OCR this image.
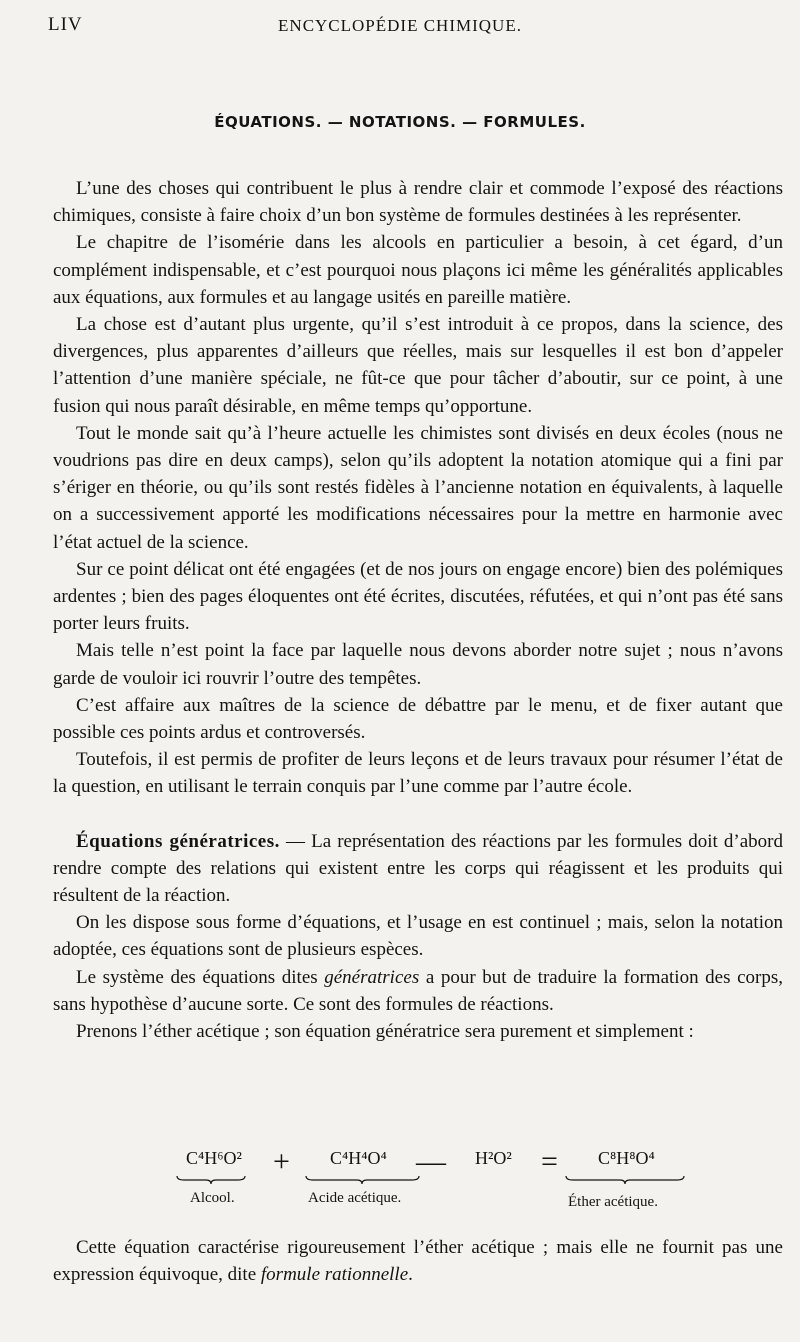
LIV	ENCYCLOPÉDIE CHIMIQUE.
ÉQUATIONS. — NOTATIONS. — FORMULES.

L’une des choses qui contribuent le plus à rendre clair et commode l’exposé des réactions chimiques, consiste à faire choix d’un bon système de formules destinées à les représenter.

Le chapitre de l’isomérie dans les alcools en particulier a besoin, à cet égard, d’un complément indispensable, et c’est pourquoi nous plaçons ici même les généralités applicables aux équations, aux formules et au langage usités en pareille matière.

La chose est d’autant plus urgente, qu’il s’est introduit à ce propos, dans la science, des divergences, plus apparentes d’ailleurs que réelles, mais sur lesquelles il est bon d’appeler l’attention d’une manière spéciale, ne fût-ce que pour tâcher d’aboutir, sur ce point, à une fusion qui nous paraît désirable, en même temps qu’opportune.

Tout le monde sait qu’à l’heure actuelle les chimistes sont divisés en deux écoles (nous ne voudrions pas dire en deux camps), selon qu’ils adoptent la notation atomique qui a fini par s’ériger en théorie, ou qu’ils sont restés fidèles à l’ancienne notation en équivalents, à laquelle on a successivement apporté les modifications nécessaires pour la mettre en harmonie avec l’état actuel de la science.

Sur ce point délicat ont été engagées (et de nos jours on engage encore) bien des polémiques ardentes ; bien des pages éloquentes ont été écrites, discutées, réfutées, et qui n’ont pas été sans porter leurs fruits.

Mais telle n’est point la face par laquelle nous devons aborder notre sujet ; nous n’avons garde de vouloir ici rouvrir l’outre des tempêtes.

C’est affaire aux maîtres de la science de débattre par le menu, et de fixer autant que possible ces points ardus et controversés.

Toutefois, il est permis de profiter de leurs leçons et de leurs travaux pour résumer l’état de la question, en utilisant le terrain conquis par l’une comme par l’autre école.

Équations génératrices. — La représentation des réactions par les formules doit d’abord rendre compte des relations qui existent entre les corps qui réagissent et les produits qui résultent de la réaction.

On les dispose sous forme d’équations, et l’usage en est continuel ; mais, selon la notation adoptée, ces équations sont de plusieurs espèces.

Le système des équations dites génératrices a pour but de traduire la formation des corps, sans hypothèse d’aucune sorte. Ce sont des formules de réactions.

Prenons l’éther acétique ; son équation génératrice sera purement et simplement :

C⁴H⁶O² + C⁴H⁴O⁴ — H²O² = C⁸H⁸O⁴
Alcool.	Acide acétique.	Éther acétique.

Cette équation caractérise rigoureusement l’éther acétique ; mais elle ne fournit pas une expression équivoque, dite formule rationnelle.
